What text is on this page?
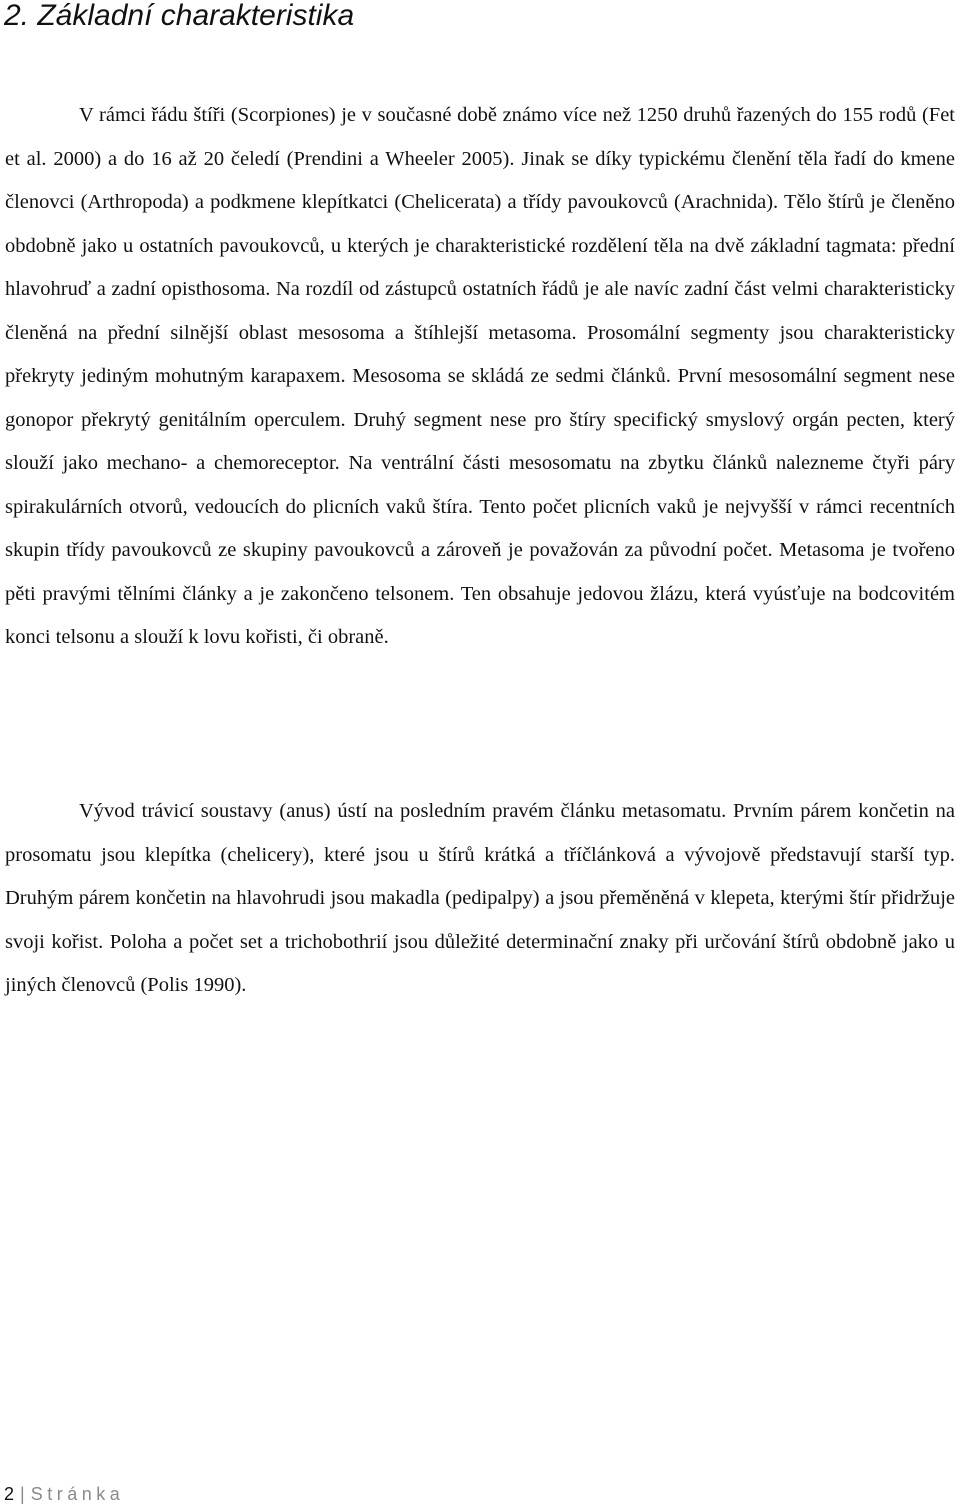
2. Základní charakteristika

V rámci řádu štíři (Scorpiones) je v současné době známo více než 1250 druhů řazených do 155 rodů (Fet et al. 2000) a do 16 až 20 čeledí (Prendini a Wheeler 2005). Jinak se díky typickému členění těla řadí do kmene členovci (Arthropoda) a podkmene klepítkatci (Chelicerata) a třídy pavoukovců (Arachnida). Tělo štírů je členěno obdobně jako u ostatních pavoukovců, u kterých je charakteristické rozdělení těla na dvě základní tagmata: přední hlavohruď a zadní opisthosoma. Na rozdíl od zástupců ostatních řádů je ale navíc zadní část velmi charakteristicky členěná na přední silnější oblast mesosoma a štíhlejší metasoma. Prosomální segmenty jsou charakteristicky překryty jediným mohutným karapaxem. Mesosoma se skládá ze sedmi článků. První mesosomální segment nese gonopor překrytý genitálním operculem. Druhý segment nese pro štíry specifický smyslový orgán pecten, který slouží jako mechano- a chemoreceptor. Na ventrální části mesosomatu na zbytku článků nalezneme čtyři páry spirakulárních otvorů, vedoucích do plicních vaků štíra. Tento počet plicních vaků je nejvyšší v rámci recentních skupin třídy pavoukovců ze skupiny pavoukovců a zároveň je považován za původní počet. Metasoma je tvořeno pěti pravými tělními články a je zakončeno telsonem. Ten obsahuje jedovou žlázu, která vyúsťuje na bodcovitém konci telsonu a slouží k lovu kořisti, či obraně.

Vývod trávicí soustavy (anus) ústí na posledním pravém článku metasomatu. Prvním párem končetin na prosomatu jsou klepítka (chelicery), které jsou u štírů krátká a tříčlánková a vývojově představují starší typ. Druhým párem končetin na hlavohrudi jsou makadla (pedipalpy) a jsou přeměněná v klepeta, kterými štír přidržuje svoji kořist. Poloha a počet set a trichobothrií jsou důležité determinační znaky při určování štírů obdobně jako u jiných členovců (Polis 1990).

2 | Stránka
